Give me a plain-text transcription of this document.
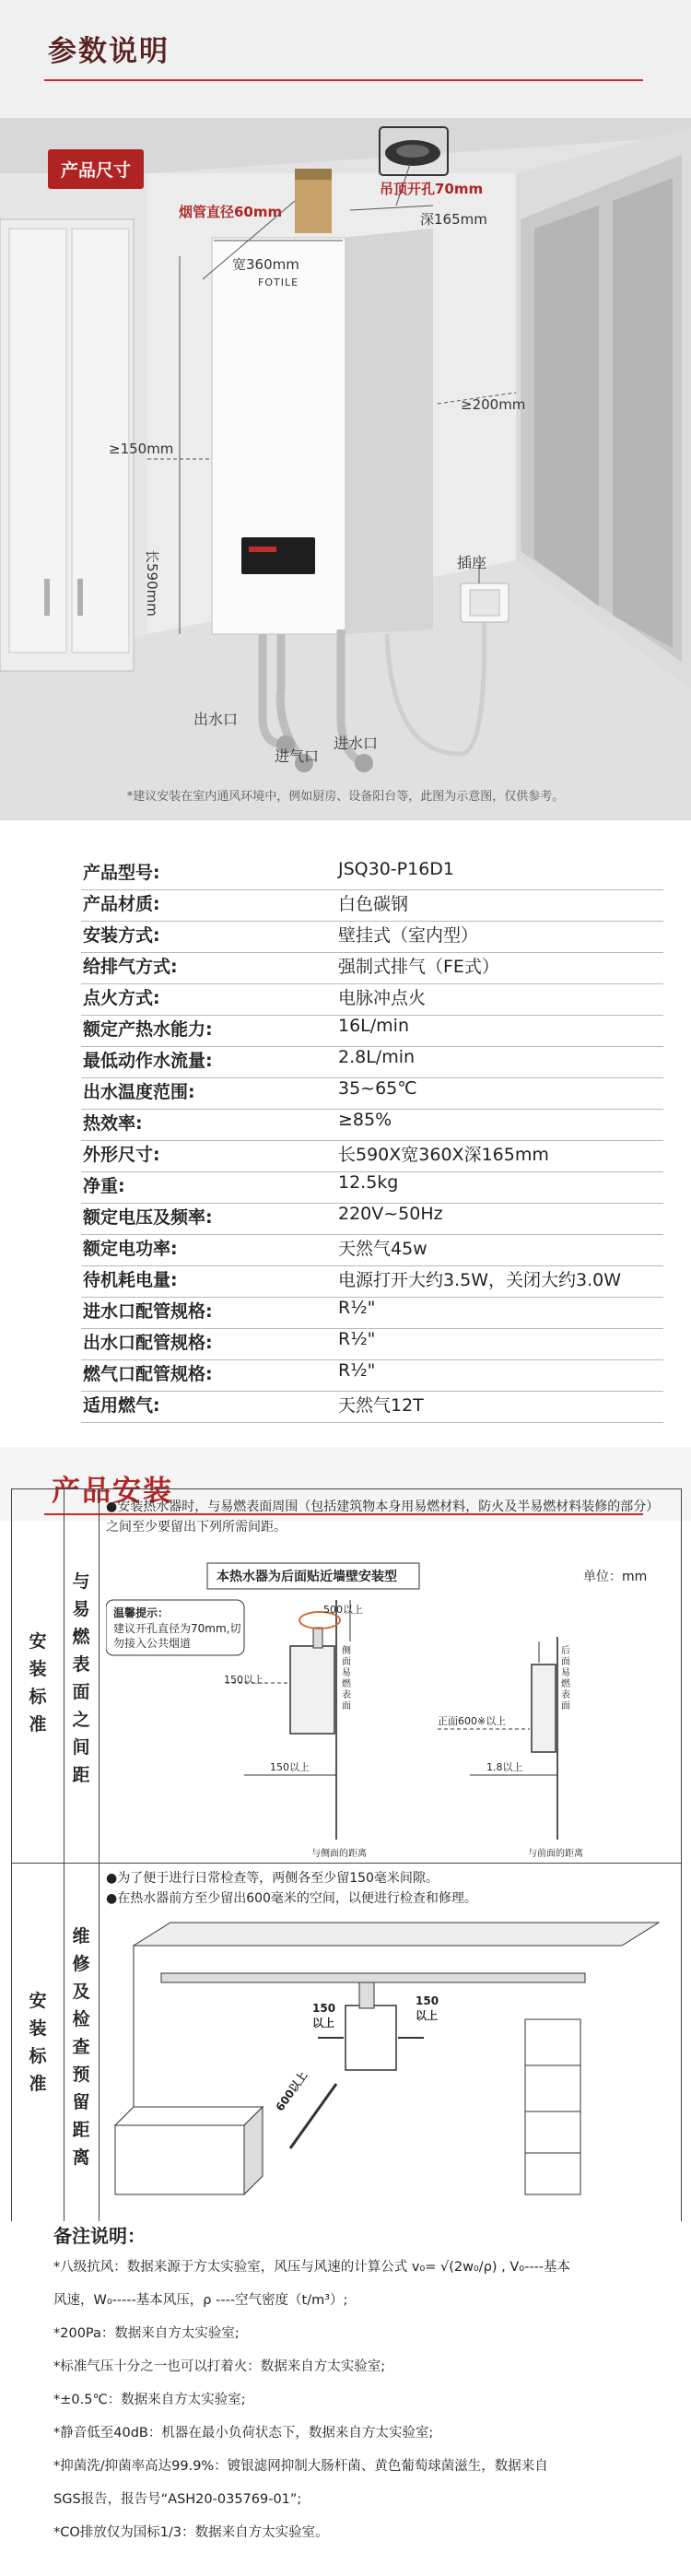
参数说明
产品尺寸
烟管直径60mm
吊顶开孔70mm
宽360mm
深165mm
FOTILE
≥150mm
≥200mm
长590mm	插座
出水口
进气口
进水口
*建议安装在室内通风环境中，例如厨房、设备阳台等，此图为示意图，仅供参考。
产品型号:	JSQ30-P16D1
产品材质:	白色碳钢
安装方式:	壁挂式（室内型）
给排气方式:	强制式排气（FE式）
点火方式:	电脉冲点火
额定产热水能力:	16L/min
最低动作水流量:	2.8L/min
出水温度范围:	35~65℃
热效率:	≥85%
外形尺寸:	长590X宽360X深165mm
净重:	12.5kg
额定电压及频率:	220V~50Hz
额定电功率:	天然气45w
待机耗电量:	电源打开大约3.5W，关闭大约3.0W
进水口配管规格:	R½"
出水口配管规格:	R½"
燃气口配管规格:	R½"
适用燃气:	天然气12T
产品安装
安装标准
与易燃表面之间距
●安装热水器时，与易燃表面周围（包括建筑物本身用易燃材料，防火及半易燃材料装修的部分）之间至少要留出下列所需间距。
本热水器为后面贴近墙壁安装型	单位：mm
温馨提示：
建议开孔直径为70mm,切勿接入公共烟道
500以上
150以上
150以上
侧面易燃表面
正面600※以上
后面易燃表面
1.8以上
与侧面的距离	与前面的距离
安装标准
维修及检查预留距离
●为了便于进行日常检查等，两侧各至少留150毫米间隙。
●在热水器前方至少留出600毫米的空间，以便进行检查和修理。
150以上
150以上
600以上
备注说明：
*八级抗风：数据来源于方太实验室，风压与风速的计算公式 v₀= √(2w₀/ρ) , V₀----基本
风速，W₀-----基本风压，ρ ----空气密度（t/m³）;
*200Pa：数据来自方太实验室;
*标准气压十分之一也可以打着火：数据来自方太实验室;
*±0.5℃：数据来自方太实验室;
*静音低至40dB：机器在最小负荷状态下，数据来自方太实验室;
*抑菌洗/抑菌率高达99.9%：镀银滤网抑制大肠杆菌、黄色葡萄球菌滋生，数据来自
SGS报告，报告号“ASH20-035769-01”;
*CO排放仅为国标1/3：数据来自方太实验室。
